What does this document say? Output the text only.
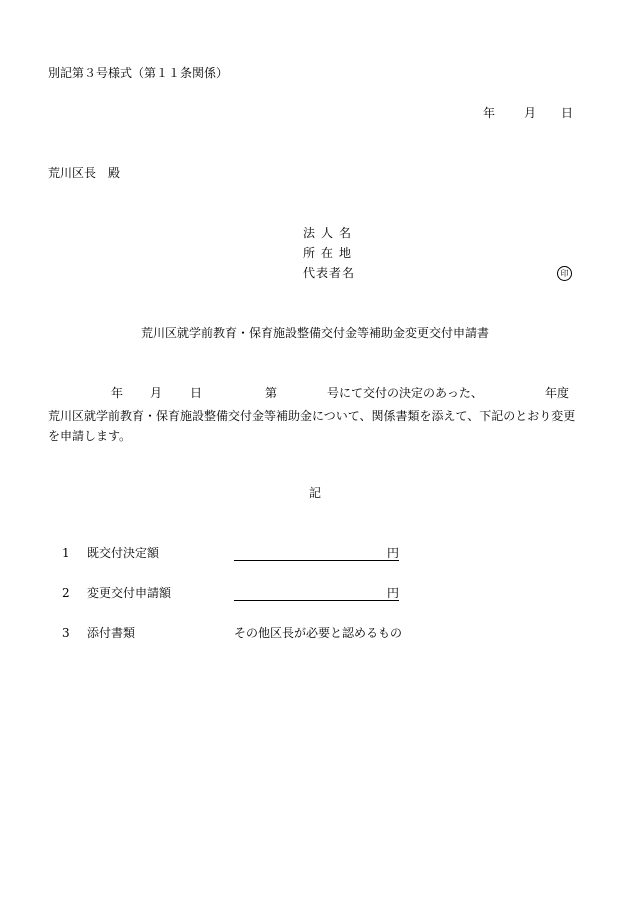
別記第３号様式（第１１条関係）
年 月 日
荒川区長　殿
法人名
所在地
代表者名	印
荒川区就学前教育・保育施設整備交付金等補助金変更交付申請書
年 月 日	第	号にて交付の決定のあった、	年度
荒川区就学前教育・保育施設整備交付金等補助金について、関係書類を添えて、下記のとおり変更を申請します。
記
1 既交付決定額	円
2 変更交付申請額	円
3 添付書類	その他区長が必要と認めるもの
